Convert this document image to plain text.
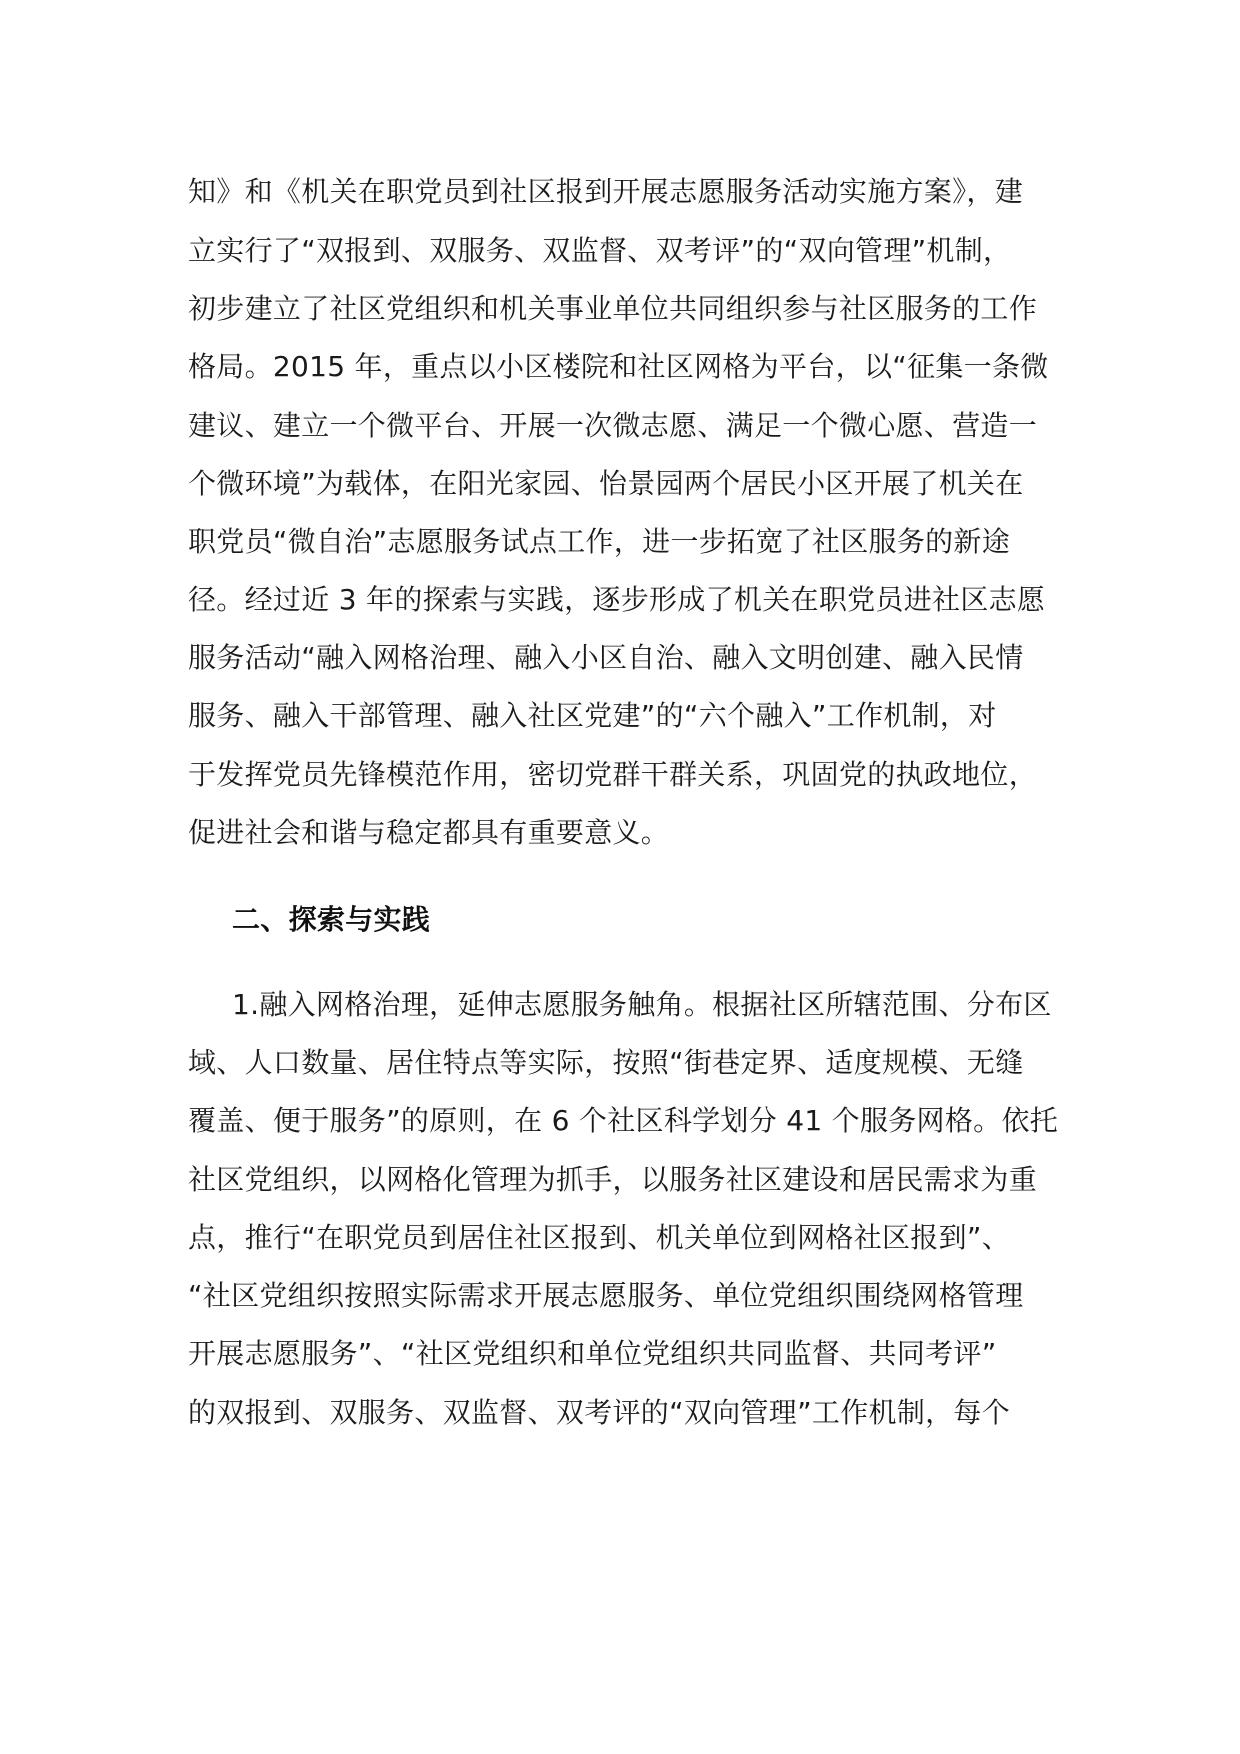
知》和《机关在职党员到社区报到开展志愿服务活动实施方案》，建
立实行了“双报到、双服务、双监督、双考评”的“双向管理”机制，
初步建立了社区党组织和机关事业单位共同组织参与社区服务的工作
格局。2015 年，重点以小区楼院和社区网格为平台，以“征集一条微
建议、建立一个微平台、开展一次微志愿、满足一个微心愿、营造一
个微环境”为载体，在阳光家园、怡景园两个居民小区开展了机关在
职党员“微自治”志愿服务试点工作，进一步拓宽了社区服务的新途
径。经过近 3 年的探索与实践，逐步形成了机关在职党员进社区志愿
服务活动“融入网格治理、融入小区自治、融入文明创建、融入民情
服务、融入干部管理、融入社区党建”的“六个融入”工作机制，对
于发挥党员先锋模范作用，密切党群干群关系，巩固党的执政地位，
促进社会和谐与稳定都具有重要意义。
二、探索与实践
1.融入网格治理，延伸志愿服务触角。根据社区所辖范围、分布区
域、人口数量、居住特点等实际，按照“街巷定界、适度规模、无缝
覆盖、便于服务”的原则，在 6 个社区科学划分 41 个服务网格。依托
社区党组织，以网格化管理为抓手，以服务社区建设和居民需求为重
点，推行“在职党员到居住社区报到、机关单位到网格社区报到”、
“社区党组织按照实际需求开展志愿服务、单位党组织围绕网格管理
开展志愿服务”、“社区党组织和单位党组织共同监督、共同考评”
的双报到、双服务、双监督、双考评的“双向管理”工作机制，每个
